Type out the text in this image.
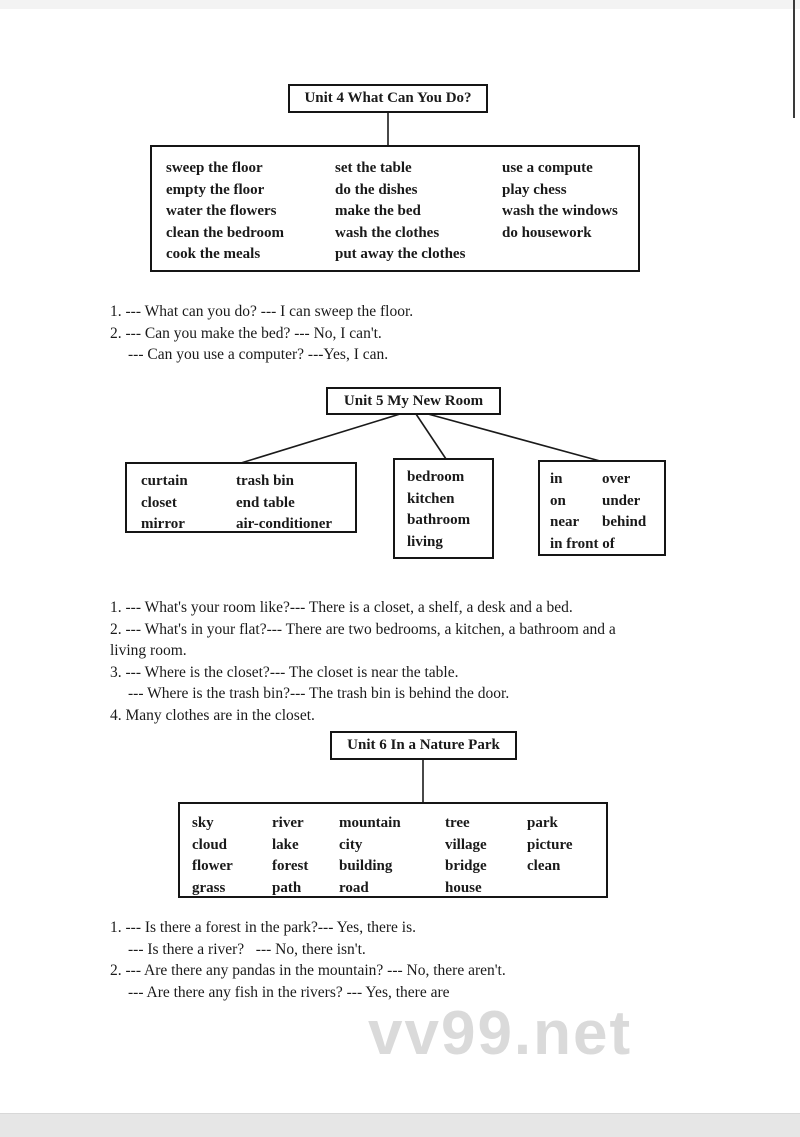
Unit 4 What Can You Do?
sweep the floor
empty the floor
water the flowers
clean the bedroom
cook the meals
set the table
do the dishes
make the bed
wash the clothes
put away the clothes
use a compute
play chess
wash the windows
do housework
1. --- What can you do? --- I can sweep the floor.
2. --- Can you make the bed? --- No, I can't.
--- Can you use a computer? ---Yes, I can.
Unit 5 My New Room
curtain
closet
mirror
trash bin
end table
air-conditioner
bedroom
kitchen
bathroom
living
in
on
near
over
under
behind
in front of
1. --- What's your room like?--- There is a closet, a shelf, a desk and a bed.
2. --- What's in your flat?--- There are two bedrooms, a kitchen, a bathroom and a
living room.
3. --- Where is the closet?--- The closet is near the table.
--- Where is the trash bin?--- The trash bin is behind the door.
4. Many clothes are in the closet.
Unit 6 In a Nature Park
sky
cloud
flower
grass
river
lake
forest
path
mountain
city
building
road
tree
village
bridge
house
park
picture
clean
1. --- Is there a forest in the park?--- Yes, there is.
--- Is there a river?   --- No, there isn't.
2. --- Are there any pandas in the mountain? --- No, there aren't.
--- Are there any fish in the rivers? --- Yes, there are
vv99.net
